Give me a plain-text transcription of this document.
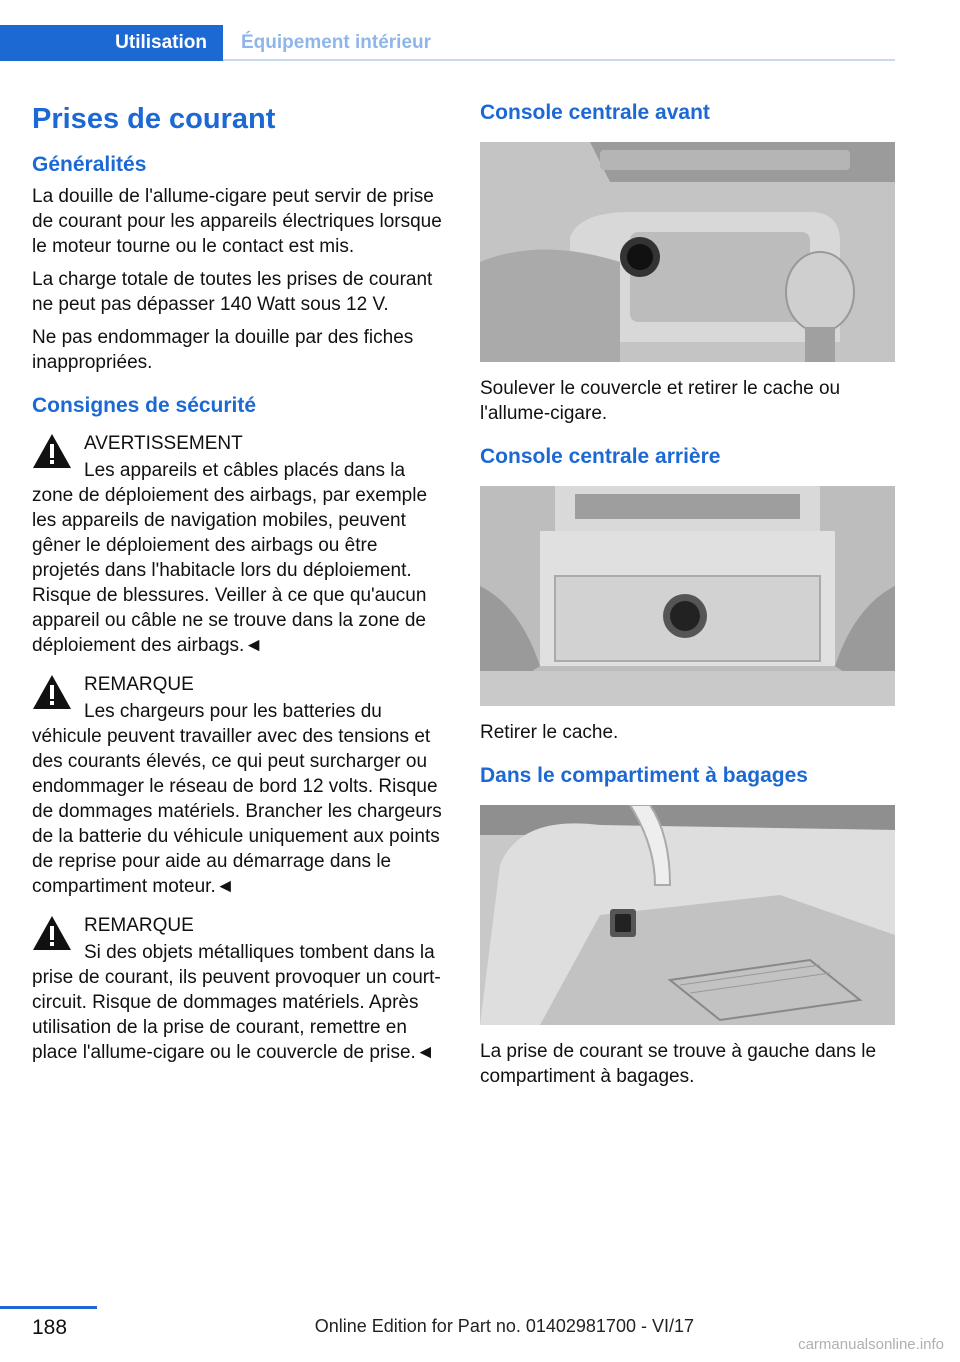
Utilisation	Équipement intérieur
Prises de courant
Généralités

La douille de l'allume-cigare peut servir de prise de courant pour les appareils électriques lorsque le moteur tourne ou le contact est mis.

La charge totale de toutes les prises de courant ne peut pas dépasser 140 Watt sous 12 V.

Ne pas endommager la douille par des fiches inappropriées.

Consignes de sécurité

AVERTISSEMENT

Les appareils et câbles placés dans la zone de déploiement des airbags, par exemple les appareils de navigation mobiles, peuvent gêner le déploiement des airbags ou être projetés dans l'habitacle lors du déploiement. Risque de blessures. Veiller à ce que qu'aucun appareil ou câble ne se trouve dans la zone de déploiement des airbags.◄

REMARQUE

Les chargeurs pour les batteries du véhicule peuvent travailler avec des tensions et des courants élevés, ce qui peut surcharger ou endommager le réseau de bord 12 volts. Risque de dommages matériels. Brancher les chargeurs de la batterie du véhicule uniquement aux points de reprise pour aide au démarrage dans le compartiment moteur.◄

REMARQUE

Si des objets métalliques tombent dans la prise de courant, ils peuvent provoquer un court-circuit. Risque de dommages matériels. Après utilisation de la prise de courant, remettre en place l'allume-cigare ou le couvercle de prise.◄

Console centrale avant

Soulever le couvercle et retirer le cache ou l'allume-cigare.

Console centrale arrière

Retirer le cache.

Dans le compartiment à bagages

La prise de courant se trouve à gauche dans le compartiment à bagages.

188	Online Edition for Part no. 01402981700 - VI/17
carmanualsonline.info
